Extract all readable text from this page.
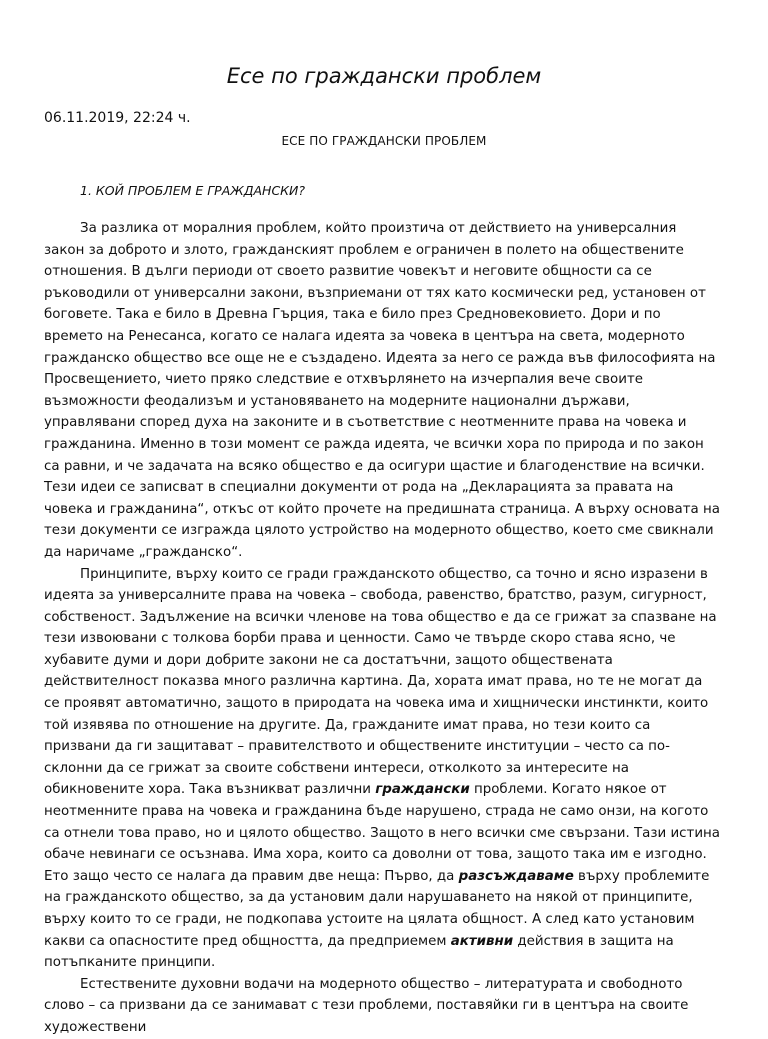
Есе по граждански проблем
06.11.2019, 22:24 ч.
ЕСЕ ПО ГРАЖДАНСКИ ПРОБЛЕМ
1. КОЙ ПРОБЛЕМ Е ГРАЖДАНСКИ?

За разлика от моралния проблем, който произтича от действието на универсалния закон за доброто и злото, гражданският проблем е ограничен в полето на обществените отношения. В дълги периоди от своето развитие човекът и неговите общности са се ръководили от универсални закони, възприемани от тях като космически ред, установен от боговете. Така е било в Древна Гърция, така е било през Средновековието. Дори и по времето на Ренесанса, когато се налага идеята за човека в центъра на света, модерното гражданско общество все още не е създадено. Идеята за него се ражда във философията на Просвещението, чието пряко следствие е отхвърлянето на изчерпалия вече своите възможности феодализъм и установяването на модерните национални държави, управлявани според духа на законите и в съответствие с неотменните права на човека и гражданина. Именно в този момент се ражда идеята, че всички хора по природа и по закон са равни, и че задачата на всяко общество е да осигури щастие и благоденствие на всички. Тези идеи се записват в специални документи от рода на „Декларацията за правата на човека и гражданина“, откъс от който прочете на предишната страница. А върху основата на тези документи се изгражда цялото устройство на модерното общество, което сме свикнали да наричаме „гражданско“.

Принципите, върху които се гради гражданското общество, са точно и ясно изразени в идеята за универсалните права на човека – свобода, равенство, братство, разум, сигурност, собственост. Задължение на всички членове на това общество е да се грижат за спазване на тези извоювани с толкова борби права и ценности. Само че твърде скоро става ясно, че хубавите думи и дори добрите закони не са достатъчни, защото обществената действителност показва много различна картина. Да, хората имат права, но те не могат да се проявят автоматично, защото в природата на човека има и хищнически инстинкти, които той изявява по отношение на другите. Да, гражданите имат права, но тези които са призвани да ги защитават – правителството и обществените институции – често са по-склонни да се грижат за своите собствени интереси, отколкото за интересите на обикновените хора. Така възникват различни граждански проблеми. Когато някое от неотменните права на човека и гражданина бъде нарушено, страда не само онзи, на когото са отнели това право, но и цялото общество. Защото в него всички сме свързани. Тази истина обаче невинаги се осъзнава. Има хора, които са доволни от това, защото така им е изгодно. Ето защо често се налага да правим две неща: Първо, да разсъждаваме върху проблемите на гражданското общество, за да установим дали нарушаването на някой от принципите, върху които то се гради, не подкопава устоите на цялата общност. А след като установим какви са опасностите пред общността, да предприемем активни действия в защита на потъпканите принципи.

Естествените духовни водачи на модерното общество – литературата и свободното слово – са призвани да се занимават с тези проблеми, поставяйки ги в центъра на своите художествени
